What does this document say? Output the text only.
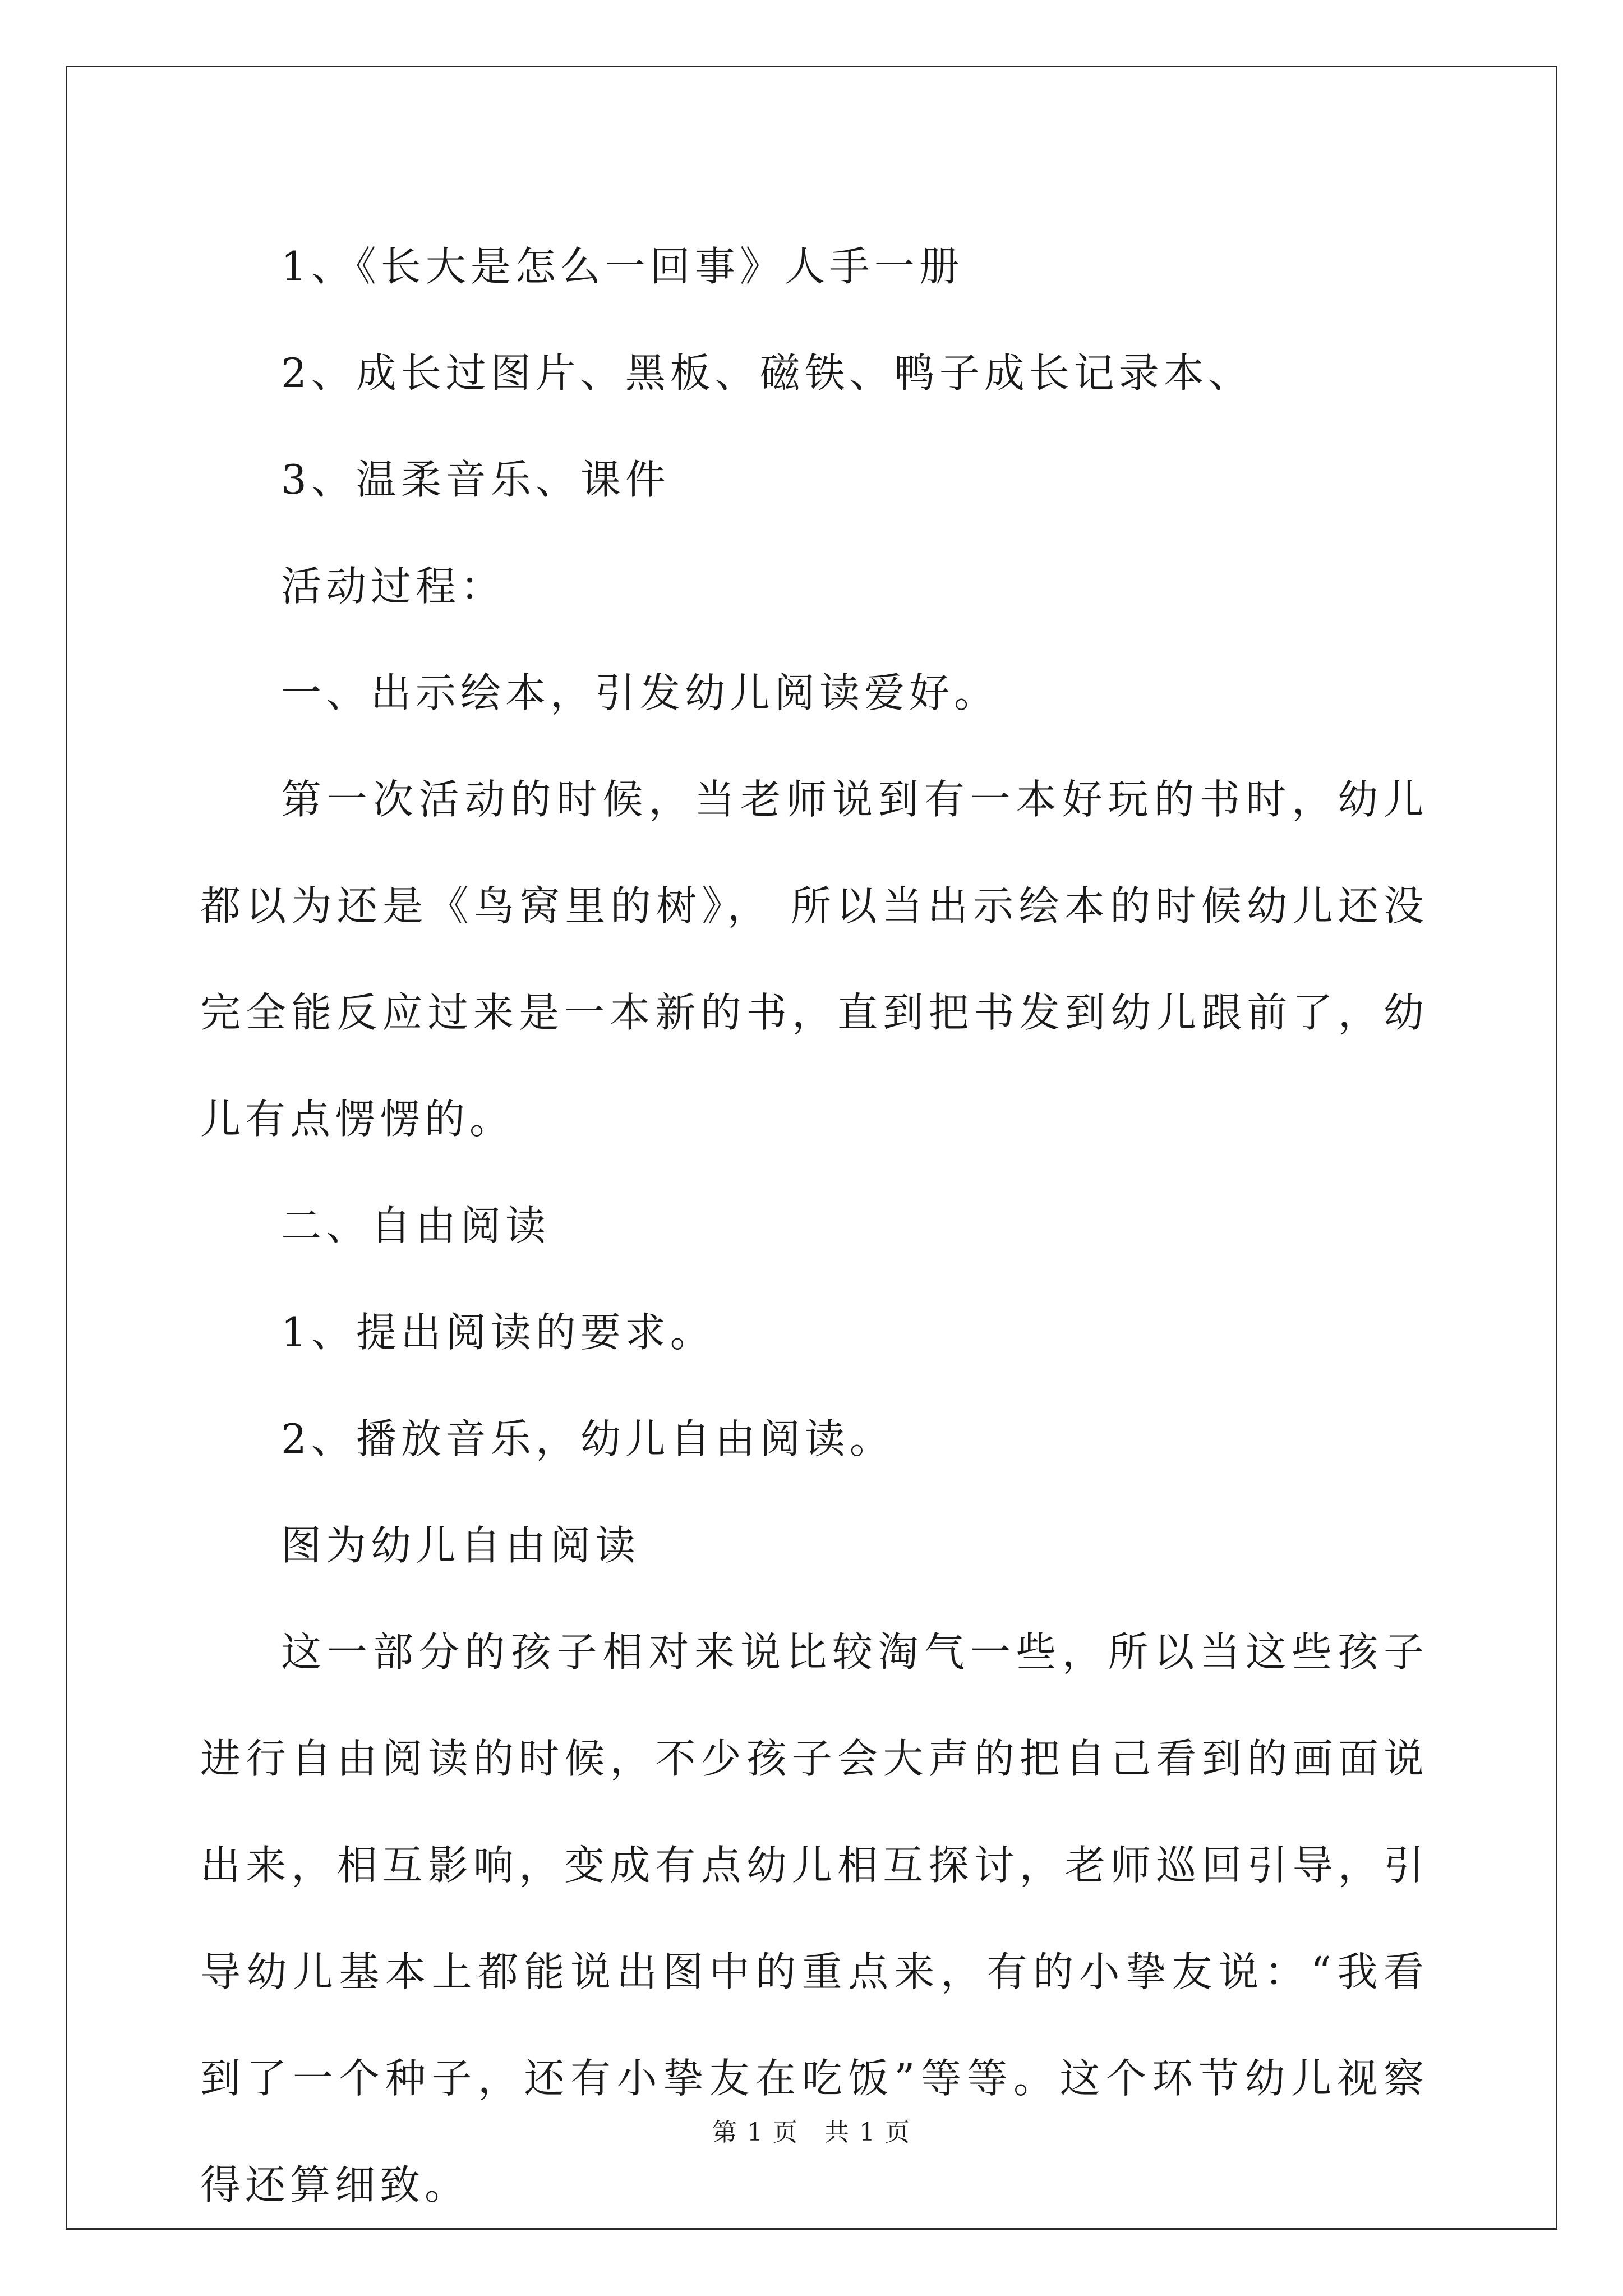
1、《长大是怎么一回事》人手一册

2、成长过图片、黑板、磁铁、鸭子成长记录本、

3、温柔音乐、课件

活动过程：

一、出示绘本，引发幼儿阅读爱好。

第一次活动的时候，当老师说到有一本好玩的书时，幼儿都以为还是《鸟窝里的树》， 所以当出示绘本的时候幼儿还没完全能反应过来是一本新的书，直到把书发到幼儿跟前了，幼儿有点愣愣的。

二、自由阅读

1、提出阅读的要求。

2、播放音乐，幼儿自由阅读。

图为幼儿自由阅读

这一部分的孩子相对来说比较淘气一些，所以当这些孩子进行自由阅读的时候，不少孩子会大声的把自己看到的画面说出来，相互影响，变成有点幼儿相互探讨，老师巡回引导，引导幼儿基本上都能说出图中的重点来，有的小挚友说：“我看到了一个种子，还有小挚友在吃饭”等等。这个环节幼儿视察得还算细致。

第 1 页　共 1 页
